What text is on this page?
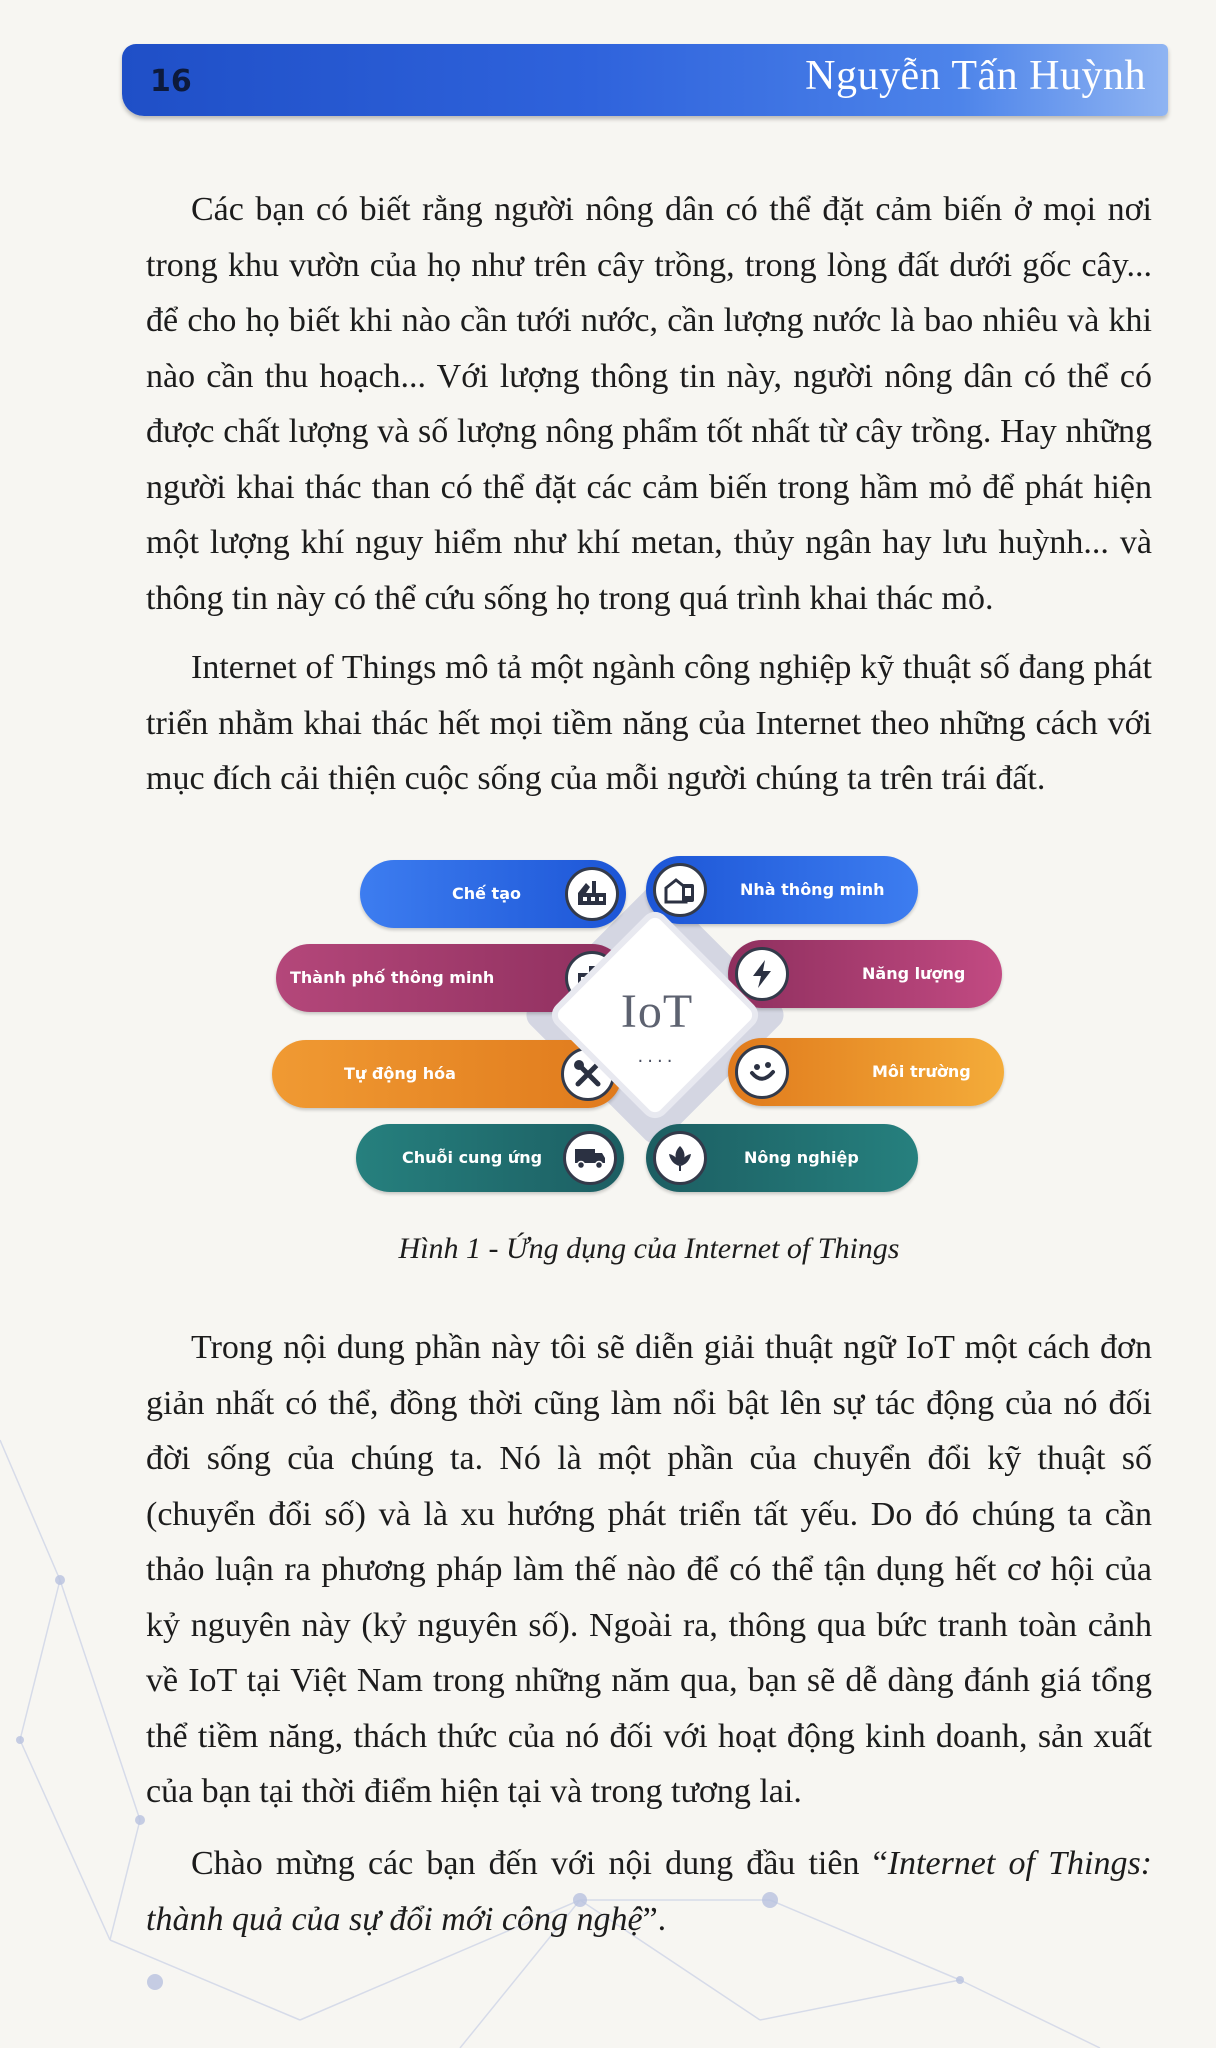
16	Nguyễn Tấn Huỳnh

Các bạn có biết rằng người nông dân có thể đặt cảm biến ở mọi nơi trong khu vườn của họ như trên cây trồng, trong lòng đất dưới gốc cây... để cho họ biết khi nào cần tưới nước, cần lượng nước là bao nhiêu và khi nào cần thu hoạch... Với lượng thông tin này, người nông dân có thể có được chất lượng và số lượng nông phẩm tốt nhất từ cây trồng. Hay những người khai thác than có thể đặt các cảm biến trong hầm mỏ để phát hiện một lượng khí nguy hiểm như khí metan, thủy ngân hay lưu huỳnh... và thông tin này có thể cứu sống họ trong quá trình khai thác mỏ.

Internet of Things mô tả một ngành công nghiệp kỹ thuật số đang phát triển nhằm khai thác hết mọi tiềm năng của Internet theo những cách với mục đích cải thiện cuộc sống của mỗi người chúng ta trên trái đất.

Chế tạo
Thành phố thông minh
Tự động hóa
Chuỗi cung ứng
Nhà thông minh
Năng lượng
Môi trường
Nông nghiệp
IoT
....
Hình 1 - Ứng dụng của Internet of Things

Trong nội dung phần này tôi sẽ diễn giải thuật ngữ IoT một cách đơn giản nhất có thể, đồng thời cũng làm nổi bật lên sự tác động của nó đối đời sống của chúng ta. Nó là một phần của chuyển đổi kỹ thuật số (chuyển đổi số) và là xu hướng phát triển tất yếu. Do đó chúng ta cần thảo luận ra phương pháp làm thế nào để có thể tận dụng hết cơ hội của kỷ nguyên này (kỷ nguyên số). Ngoài ra, thông qua bức tranh toàn cảnh về IoT tại Việt Nam trong những năm qua, bạn sẽ dễ dàng đánh giá tổng thể tiềm năng, thách thức của nó đối với hoạt động kinh doanh, sản xuất của bạn tại thời điểm hiện tại và trong tương lai.

Chào mừng các bạn đến với nội dung đầu tiên “Internet of Things: thành quả của sự đổi mới công nghệ”.
